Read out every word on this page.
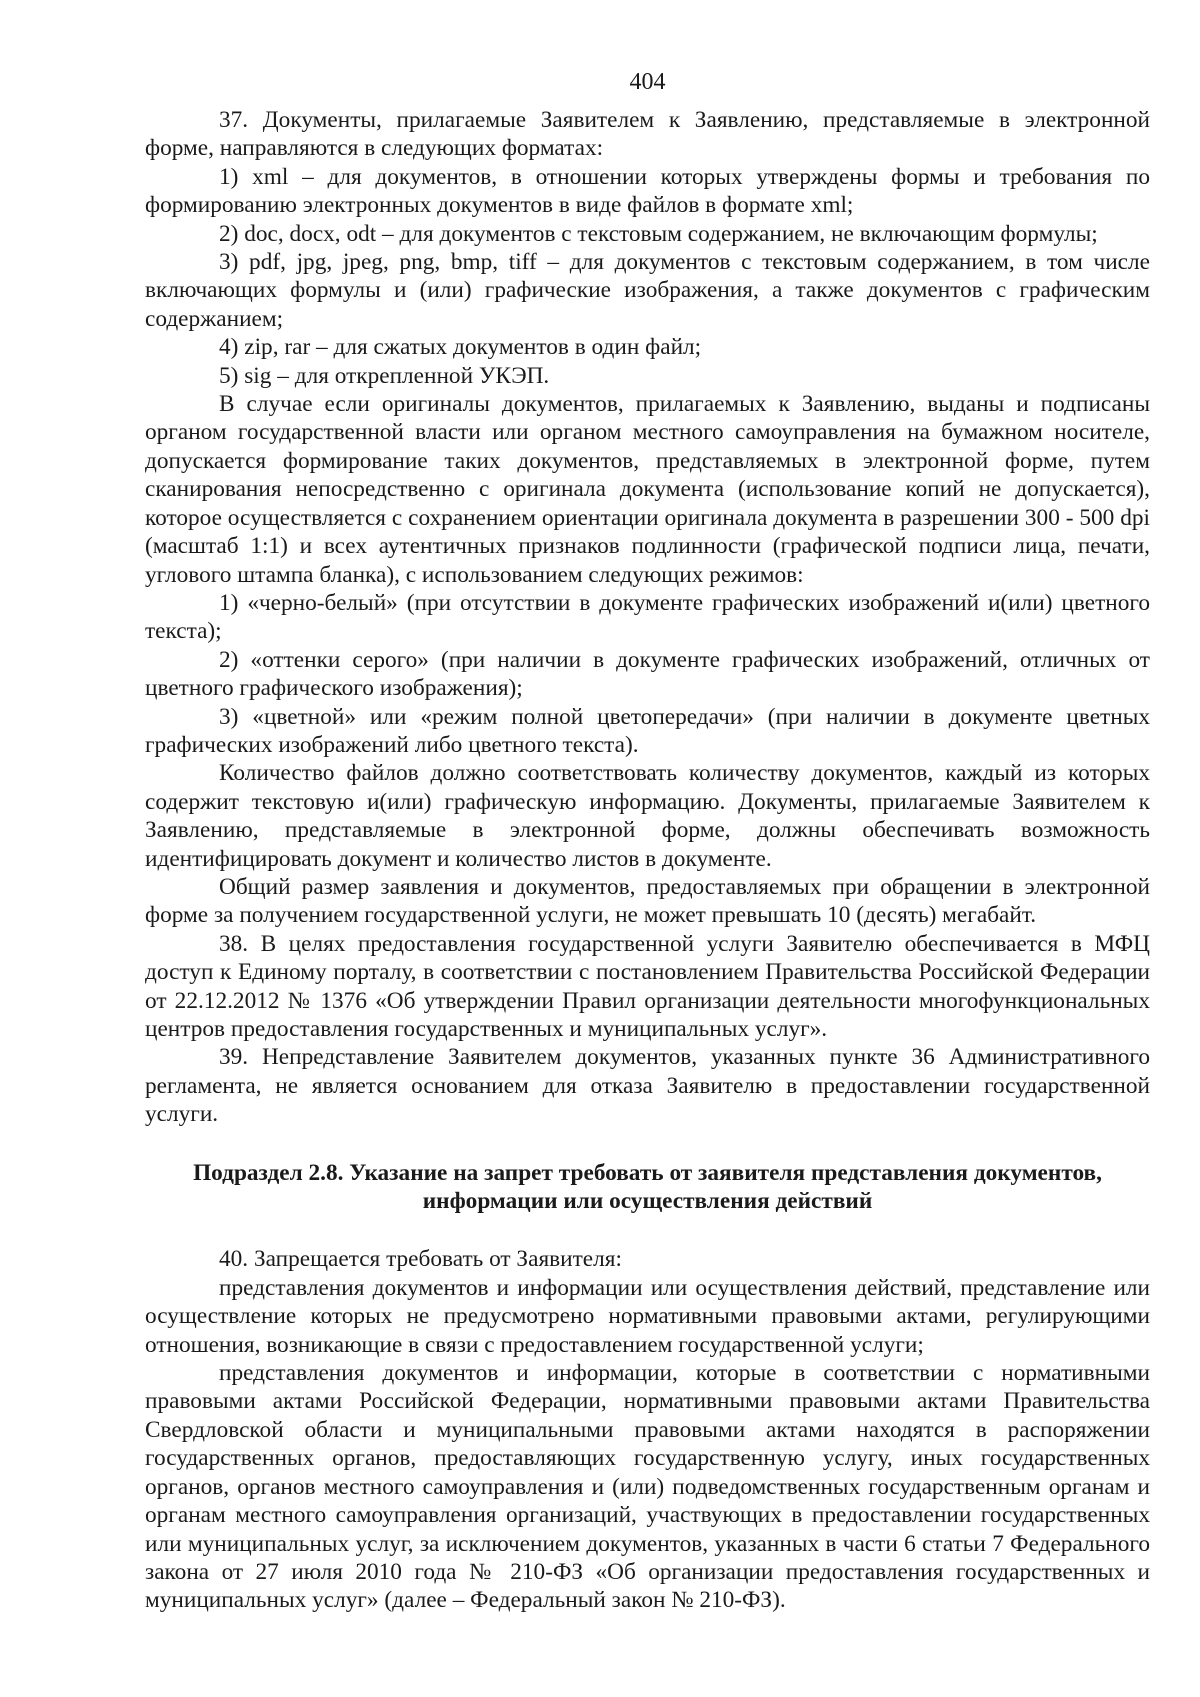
404

37. Документы, прилагаемые Заявителем к Заявлению, представляемые в электронной форме, направляются в следующих форматах:

1) xml – для документов, в отношении которых утверждены формы и требования по формированию электронных документов в виде файлов в формате xml;

2) doc, docx, odt – для документов с текстовым содержанием, не включающим формулы;

3) pdf, jpg, jpeg, png, bmp, tiff – для документов с текстовым содержанием, в том числе включающих формулы и (или) графические изображения, а также документов с графическим содержанием;

4) zip, rar – для сжатых документов в один файл;

5) sig – для открепленной УКЭП.

В случае если оригиналы документов, прилагаемых к Заявлению, выданы и подписаны органом государственной власти или органом местного самоуправления на бумажном носителе, допускается формирование таких документов, представляемых в электронной форме, путем сканирования непосредственно с оригинала документа (использование копий не допускается), которое осуществляется с сохранением ориентации оригинала документа в разрешении 300 - 500 dpi (масштаб 1:1) и всех аутентичных признаков подлинности (графической подписи лица, печати, углового штампа бланка), с использованием следующих режимов:

1) «черно-белый» (при отсутствии в документе графических изображений и(или) цветного текста);

2) «оттенки серого» (при наличии в документе графических изображений, отличных от цветного графического изображения);

3) «цветной» или «режим полной цветопередачи» (при наличии в документе цветных графических изображений либо цветного текста).

Количество файлов должно соответствовать количеству документов, каждый из которых содержит текстовую и(или) графическую информацию. Документы, прилагаемые Заявителем к Заявлению, представляемые в электронной форме, должны обеспечивать возможность идентифицировать документ и количество листов в документе.

Общий размер заявления и документов, предоставляемых при обращении в электронной форме за получением государственной услуги, не может превышать 10 (десять) мегабайт.

38. В целях предоставления государственной услуги Заявителю обеспечивается в МФЦ доступ к Единому порталу, в соответствии с постановлением Правительства Российской Федерации от 22.12.2012 № 1376 «Об утверждении Правил организации деятельности многофункциональных центров предоставления государственных и муниципальных услуг».

39. Непредставление Заявителем документов, указанных пункте 36 Административного регламента, не является основанием для отказа Заявителю в предоставлении государственной услуги.

Подраздел 2.8. Указание на запрет требовать от заявителя представления документов,
информации или осуществления действий

40. Запрещается требовать от Заявителя:

представления документов и информации или осуществления действий, представление или осуществление которых не предусмотрено нормативными правовыми актами, регулирующими отношения, возникающие в связи с предоставлением государственной услуги;

представления документов и информации, которые в соответствии с нормативными правовыми актами Российской Федерации, нормативными правовыми актами Правительства Свердловской области и муниципальными правовыми актами находятся в распоряжении государственных органов, предоставляющих государственную услугу, иных государственных органов, органов местного самоуправления и (или) подведомственных государственным органам и органам местного самоуправления организаций, участвующих в предоставлении государственных или муниципальных услуг, за исключением документов, указанных в части 6 статьи 7 Федерального закона от 27 июля 2010 года № 210-ФЗ «Об организации предоставления государственных и муниципальных услуг» (далее – Федеральный закон № 210-ФЗ).
